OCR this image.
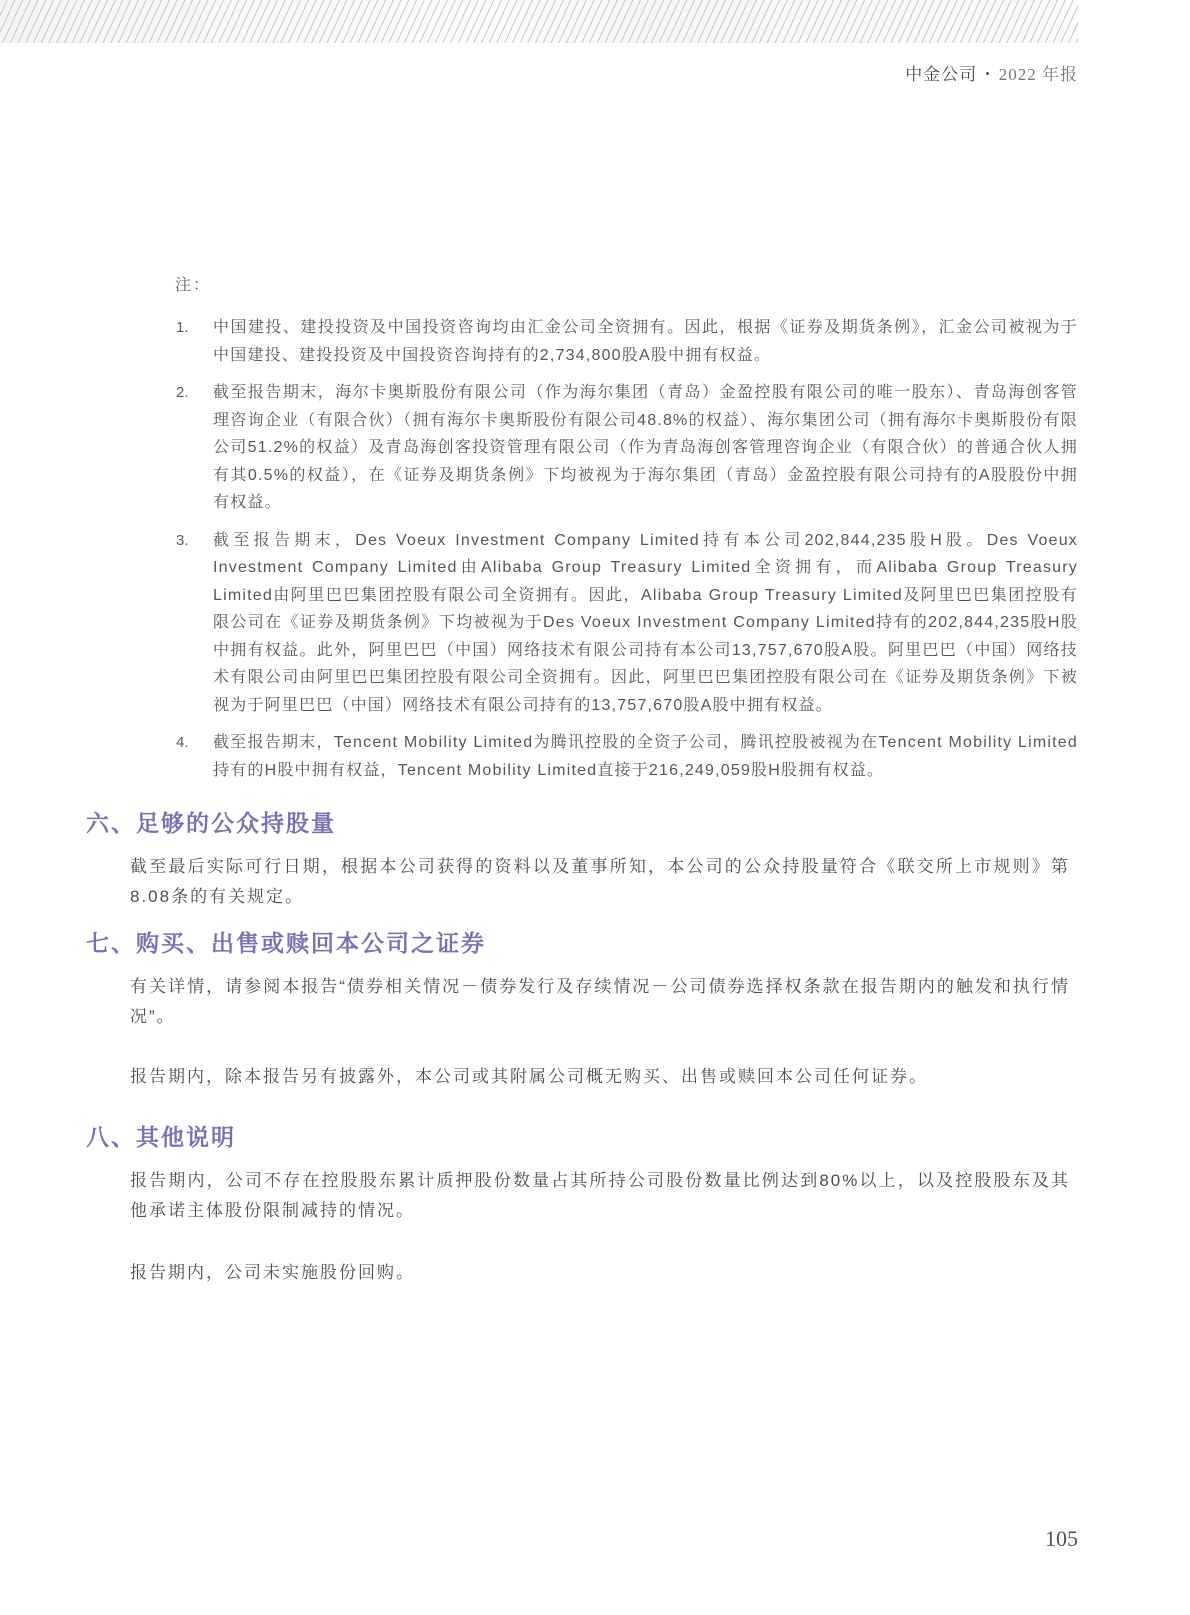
中金公司 • 2022 年报
注：
1.	中国建投、建投投资及中国投资咨询均由汇金公司全资拥有。因此，根据《证券及期货条例》，汇金公司被视为于中国建投、建投投资及中国投资咨询持有的2,734,800股A股中拥有权益。

2.	截至报告期末，海尔卡奥斯股份有限公司（作为海尔集团（青岛）金盈控股有限公司的唯一股东）、青岛海创客管理咨询企业（有限合伙）（拥有海尔卡奥斯股份有限公司48.8%的权益）、海尔集团公司（拥有海尔卡奥斯股份有限公司51.2%的权益）及青岛海创客投资管理有限公司（作为青岛海创客管理咨询企业（有限合伙）的普通合伙人拥有其0.5%的权益），在《证券及期货条例》下均被视为于海尔集团（青岛）金盈控股有限公司持有的A股股份中拥有权益。

3.	截至报告期末，Des Voeux Investment Company Limited持有本公司202,844,235股H股。Des Voeux Investment Company Limited由Alibaba Group Treasury Limited全资拥有，而Alibaba Group Treasury Limited由阿里巴巴集团控股有限公司全资拥有。因此，Alibaba Group Treasury Limited及阿里巴巴集团控股有限公司在《证券及期货条例》下均被视为于Des Voeux Investment Company Limited持有的202,844,235股H股中拥有权益。此外，阿里巴巴（中国）网络技术有限公司持有本公司13,757,670股A股。阿里巴巴（中国）网络技术有限公司由阿里巴巴集团控股有限公司全资拥有。因此，阿里巴巴集团控股有限公司在《证券及期货条例》下被视为于阿里巴巴（中国）网络技术有限公司持有的13,757,670股A股中拥有权益。

4.	截至报告期末，Tencent Mobility Limited为腾讯控股的全资子公司，腾讯控股被视为在Tencent Mobility Limited持有的H股中拥有权益，Tencent Mobility Limited直接于216,249,059股H股拥有权益。

六、足够的公众持股量

截至最后实际可行日期，根据本公司获得的资料以及董事所知，本公司的公众持股量符合《联交所上市规则》第8.08条的有关规定。

七、购买、出售或赎回本公司之证券

有关详情，请参阅本报告“债券相关情况－债券发行及存续情况－公司债券选择权条款在报告期内的触发和执行情况”。

报告期内，除本报告另有披露外，本公司或其附属公司概无购买、出售或赎回本公司任何证券。

八、其他说明

报告期内，公司不存在控股股东累计质押股份数量占其所持公司股份数量比例达到80%以上，以及控股股东及其他承诺主体股份限制减持的情况。

报告期内，公司未实施股份回购。

105
